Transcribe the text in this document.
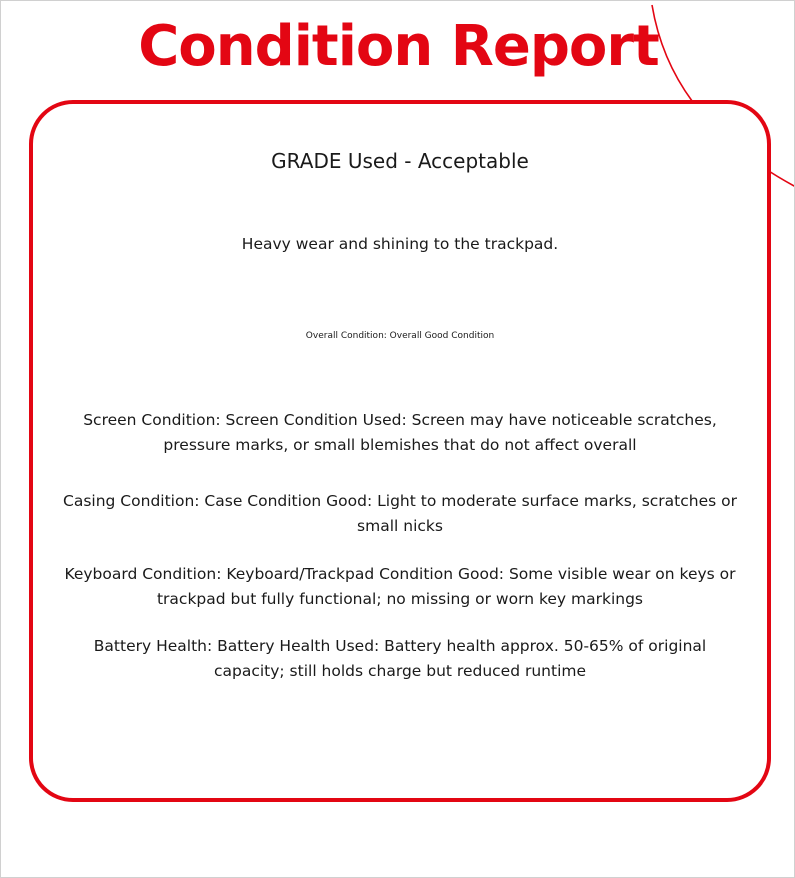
Condition Report

GRADE Used - Acceptable

Heavy wear and shining to the trackpad.

Overall Condition: Overall Good Condition

Screen Condition: Screen Condition Used: Screen may have noticeable scratches, pressure marks, or small blemishes that do not affect overall

Casing Condition: Case Condition Good: Light to moderate surface marks, scratches or small nicks

Keyboard Condition: Keyboard/Trackpad Condition Good: Some visible wear on keys or trackpad but fully functional; no missing or worn key markings

Battery Health: Battery Health Used: Battery health approx. 50-65% of original capacity; still holds charge but reduced runtime
